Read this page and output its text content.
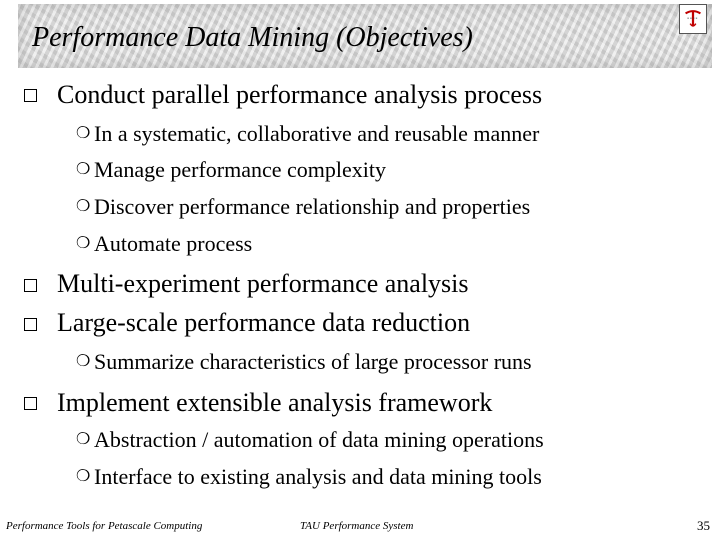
Performance Data Mining (Objectives)
Conduct parallel performance analysis process
❍ In a systematic, collaborative and reusable manner
❍ Manage performance complexity
❍ Discover performance relationship and properties
❍ Automate process
Multi-experiment performance analysis
Large-scale performance data reduction
❍ Summarize characteristics of large processor runs
Implement extensible analysis framework
❍ Abstraction / automation of data mining operations
❍ Interface to existing analysis and data mining tools
Performance Tools for Petascale Computing	TAU Performance System	35
